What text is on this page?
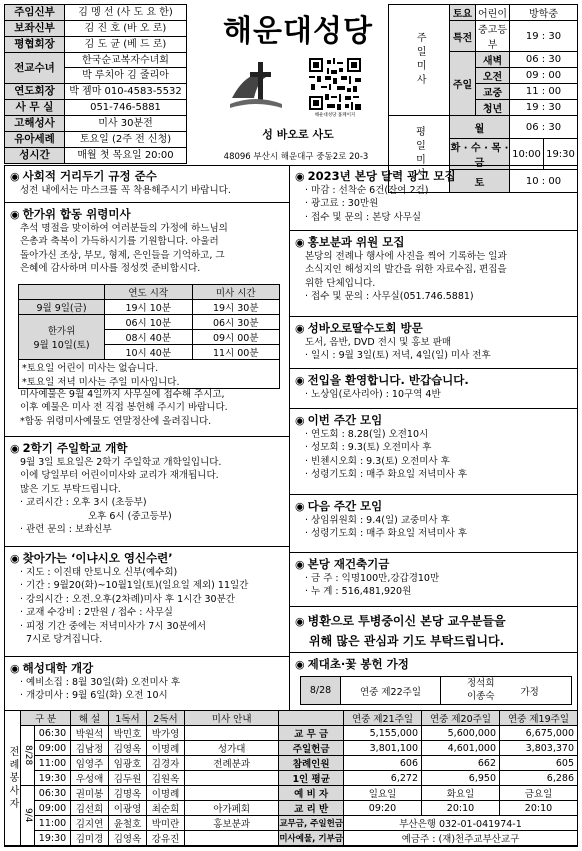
주임신부	김 멩 선 (사 도 요 한)
보좌신부	김 진 호 (바 오 로)
평협회장	김 도 균 (베 드 로)
전교수녀	한국순교복자수녀회
박 루치아 김 줄리아

연도회장	박 젬마 010-4583-5532
사 무 실	051-746-5881
고해성사	미사 30분전
유아세례	토요일 (2주 전 신청)
성시간	매월 첫 목요일 20:00
해운대성당
해운대성당 홈페이지
성 바오로 사도
48096 부산시 해운대구 중동2로 20-3
주일미사	토요	어린이	방학중	
	특전	중고등부	19 : 30	
	주일	새벽	06 : 30	
		오전	09 : 00	
		교중	11 : 00	
		청년	19 : 30	
평일미사	월		06 : 30	
	화 · 수 · 목 · 금		10:00	19:30
	토		10 : 00	
◉ 사회적 거리두기 규정 준수
성전 내에서는 마스크를 꼭 착용해주시기 바랍니다.
◉ 한가위 합동 위령미사
추석 명절을 맞이하여 여러분들의 가정에 하느님의
은총과 축복이 가득하시기를 기원합니다. 아울러
돌아가신 조상, 부모, 형제, 은인들을 기억하고, 그
은혜에 감사하며 미사를 정성껏 준비합시다.
	연도 시작	미사 시간
9월 9일(금)	19시 10분	19시 30분

한가위
9월 10일(토)	06시 10분	06시 30분
	08시 40분	09시 00분
	10시 40분	11시 00분
*토요일 어린이 미사는 없습니다.		
*토요일 저녁 미사는 주일 미사입니다.		
미사예물은 9월 4일까지 사무실에 접수해 주시고,
이후 예물은 미사 전 직접 봉헌해 주시기 바랍니다.
*합동 위령미사예물도 연말정산에 올려집니다.
◉ 2학기 주일학교 개학
9월 3일 토요일은 2학기 주일학교 개학일입니다.
이에 당일부터 어린이미사와 교리가 재개됩니다.
많은 기도 부탁드립니다.
· 교리시간 : 오후 3시 (초등부)
오후 6시 (중고등부)
· 관련 문의 : 보좌신부
◉ 찾아가는 ‘이냐시오 영신수련’
· 지도 : 이진태 안토니오 신부(예수회)
· 기간 : 9월20(화)~10월1일(토)(일요일 제외) 11일간
· 강의시간 : 오전.오후(2차례)미사 후 1시간 30분간
· 교재 수강비 : 2만원 / 접수 : 사무실
· 피정 기간 중에는 저녁미사가 7시 30분에서
7시로 당겨집니다.
◉ 해성대학 개강
· 예비소집 : 8월 30일(화) 오전미사 후
· 개강미사 : 9월 6일(화) 오전 10시
◉ 2023년 본당 달력 광고 모집
· 마감 : 선착순 6건(잔여 2건)
· 광고료 : 30만원
· 접수 및 문의 : 본당 사무실
◉ 홍보분과 위원 모집
본당의 전례나 행사에 사진을 찍어 기록하는 일과
소식지인 해성지의 발간을 위한 자료수집, 편집을
위한 단체입니다.
· 접수 및 문의 : 사무실(051.746.5881)
◉ 성바오로딸수도회 방문
도서, 음반, DVD 전시 및 홍보 판매
· 일시 : 9월 3일(토) 저녁, 4일(일) 미사 전후
◉ 전입을 환영합니다. 반갑습니다.
· 노상임(로사리아) : 10구역 4반
◉ 이번 주간 모임
· 연도회 : 8.28(일) 오전10시
· 성모회 : 9.3(토) 오전미사 후
· 빈첸시오회 : 9.3(토) 오전미사 후
· 성령기도회 : 매주 화요일 저녁미사 후
◉ 다음 주간 모임
· 상임위원회 : 9.4(일) 교중미사 후
· 성령기도회 : 매주 화요일 저녁미사 후
◉ 본당 재건축기금
· 금 주 : 익명100만,강갑경10만
· 누 계 : 516,481,920원
◉ 병환으로 투병중이신 본당 교우분들을
위해 많은 관심과 기도 부탁드립니다.
◉ 제대초·꽃 봉헌 가정
8/28	연중 제22주일	
정석희
이종숙	가정
전례봉사자	구 분		해 설	1독서	2독서	미사 안내		연중 제21주일	연중 제20주일	연중 제19주일
	8/28	06:30	박원석	박민호	박가영		교 무 금	5,155,000	5,600,000	6,675,000
		09:00	김남정	김영옥	이명례	성가대	주일헌금	3,801,100	4,601,000	3,803,370
		11:00	임영주	임광호	김경자	전례분과	참례인원	606	662	605
		19:30	우성애	김두원	김원옥		1인 평균	6,272	6,950	6,286
	9/4	06:30	권미봉	김명옥	이명례		예 비 자	일요일	화요일	금요일
		09:00	김선희	이광영	최순희	아가페회	교 리 반	09:20	20:10	20:10
		11:00	김지연	윤철호	박미란	홍보분과	교무금, 주일헌금	부산은행 032-01-041974-1		
		19:30	김미경	김영옥	강유진		미사예물, 기부금	예금주 : (재)천주교부산교구		
